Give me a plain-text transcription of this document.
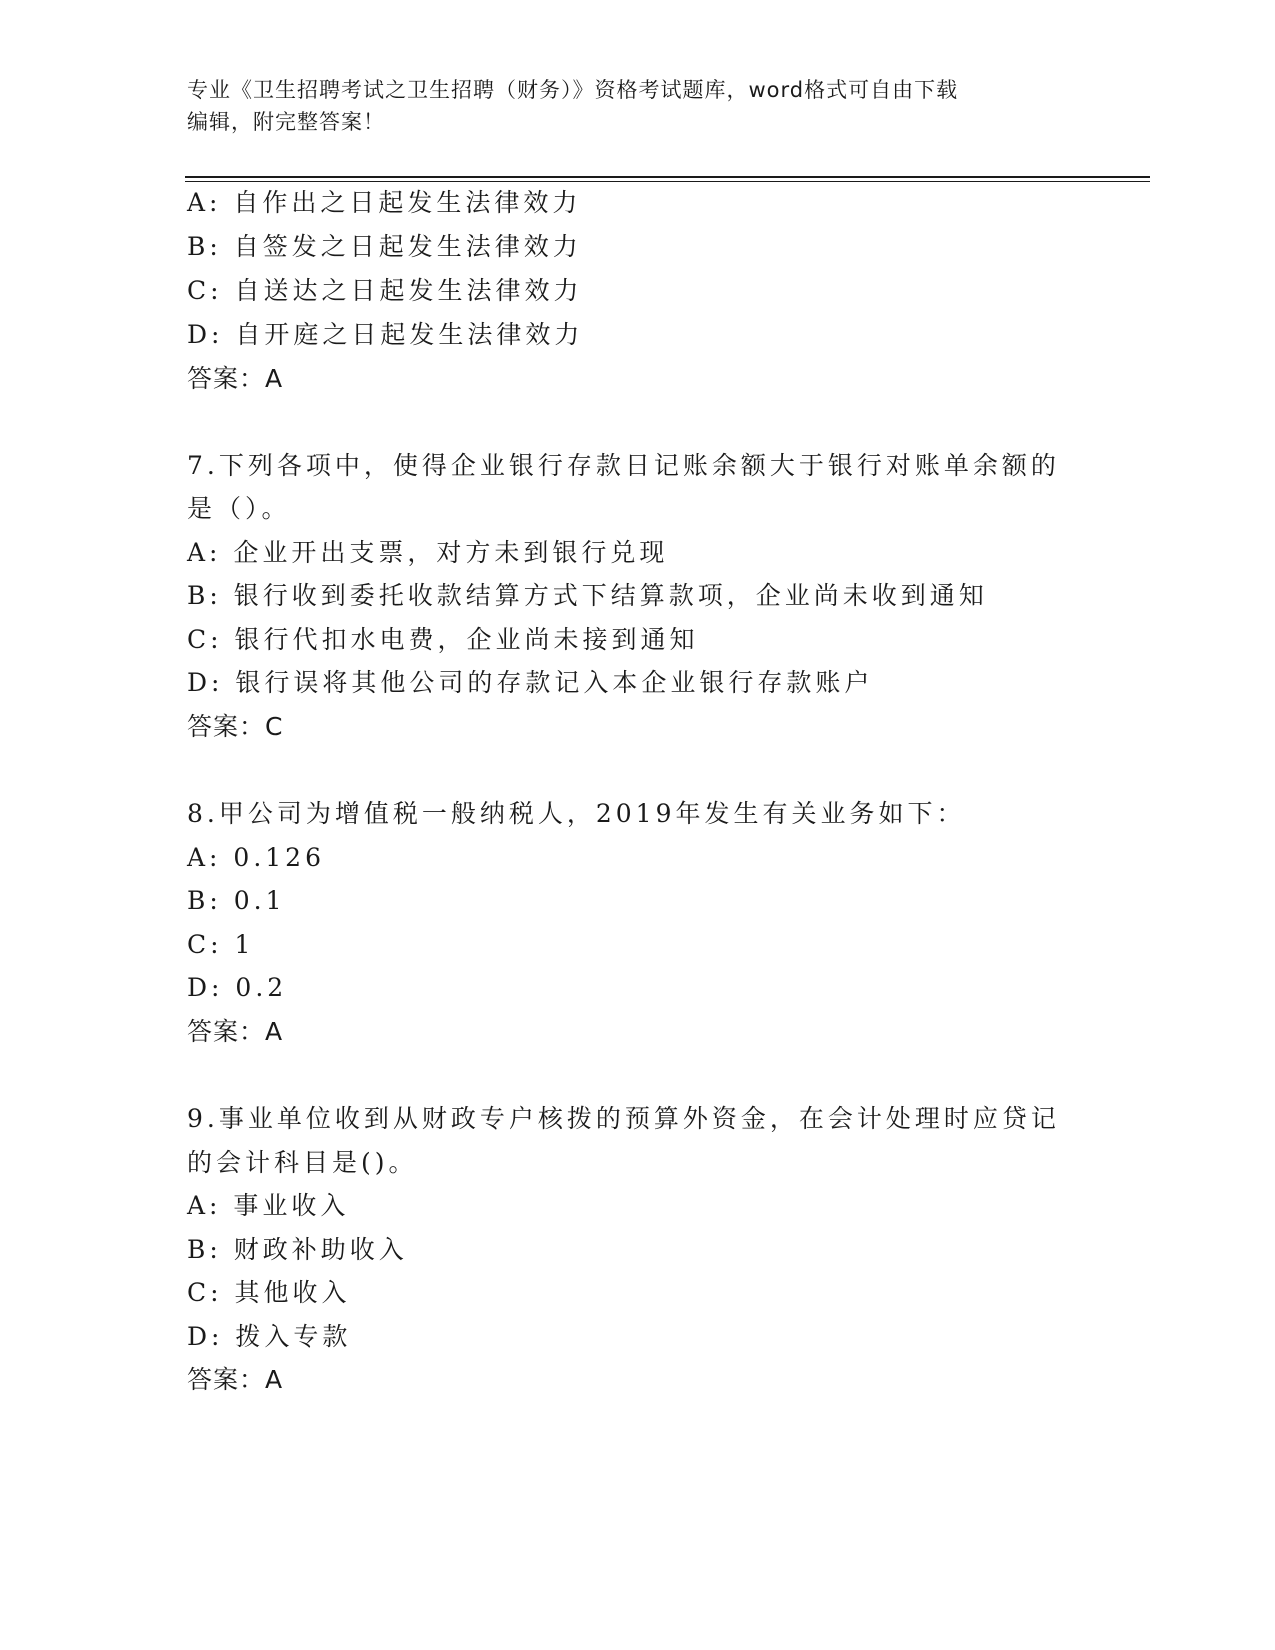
专业《卫生招聘考试之卫生招聘（财务）》资格考试题库，word格式可自由下载
编辑，附完整答案！
A: 自作出之日起发生法律效力
B: 自签发之日起发生法律效力
C: 自送达之日起发生法律效力
D: 自开庭之日起发生法律效力
答案：A
7.下列各项中，使得企业银行存款日记账余额大于银行对账单余额的
是（）。
A: 企业开出支票，对方未到银行兑现
B: 银行收到委托收款结算方式下结算款项，企业尚未收到通知
C: 银行代扣水电费，企业尚未接到通知
D: 银行误将其他公司的存款记入本企业银行存款账户
答案：C
8.甲公司为增值税一般纳税人，2019年发生有关业务如下：
A: 0.126
B: 0.1
C: 1
D: 0.2
答案：A
9.事业单位收到从财政专户核拨的预算外资金，在会计处理时应贷记
的会计科目是()。
A: 事业收入
B: 财政补助收入
C: 其他收入
D: 拨入专款
答案：A
